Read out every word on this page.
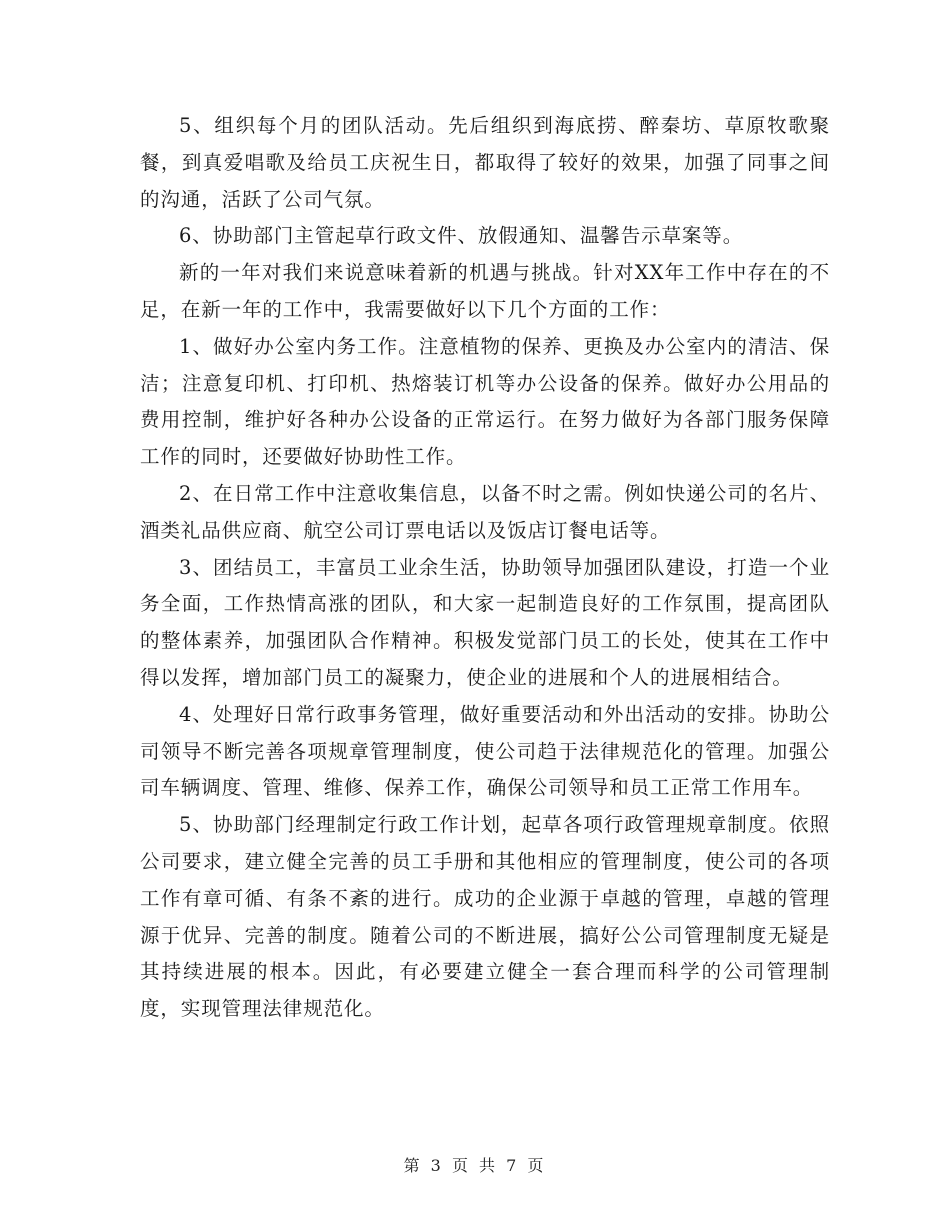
5、组织每个月的团队活动。先后组织到海底捞、醉秦坊、草原牧歌聚餐，到真爱唱歌及给员工庆祝生日，都取得了较好的效果，加强了同事之间的沟通，活跃了公司气氛。

6、协助部门主管起草行政文件、放假通知、温馨告示草案等。

新的一年对我们来说意味着新的机遇与挑战。针对XX年工作中存在的不足，在新一年的工作中，我需要做好以下几个方面的工作：

1、做好办公室内务工作。注意植物的保养、更换及办公室内的清洁、保洁；注意复印机、打印机、热熔装订机等办公设备的保养。做好办公用品的费用控制，维护好各种办公设备的正常运行。在努力做好为各部门服务保障工作的同时，还要做好协助性工作。

2、在日常工作中注意收集信息，以备不时之需。例如快递公司的名片、酒类礼品供应商、航空公司订票电话以及饭店订餐电话等。

3、团结员工，丰富员工业余生活，协助领导加强团队建设，打造一个业务全面，工作热情高涨的团队，和大家一起制造良好的工作氛围，提高团队的整体素养，加强团队合作精神。积极发觉部门员工的长处，使其在工作中得以发挥，增加部门员工的凝聚力，使企业的进展和个人的进展相结合。

4、处理好日常行政事务管理，做好重要活动和外出活动的安排。协助公司领导不断完善各项规章管理制度，使公司趋于法律规范化的管理。加强公司车辆调度、管理、维修、保养工作，确保公司领导和员工正常工作用车。

5、协助部门经理制定行政工作计划，起草各项行政管理规章制度。依照公司要求，建立健全完善的员工手册和其他相应的管理制度，使公司的各项工作有章可循、有条不紊的进行。成功的企业源于卓越的管理，卓越的管理源于优异、完善的制度。随着公司的不断进展，搞好公公司管理制度无疑是其持续进展的根本。因此，有必要建立健全一套合理而科学的公司管理制度，实现管理法律规范化。

第 3 页 共 7 页
